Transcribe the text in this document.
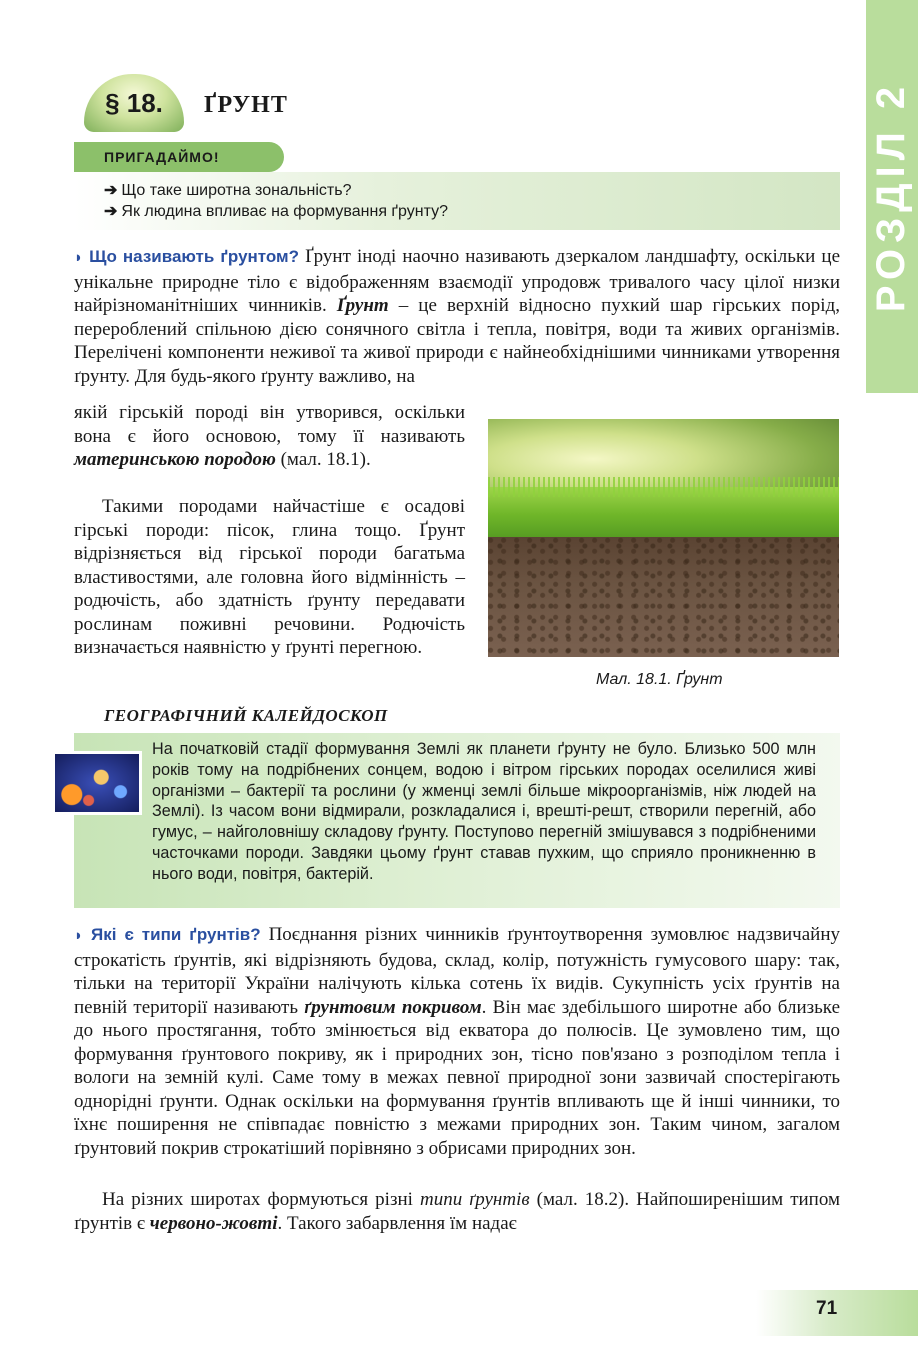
РОЗДІЛ 2
§ 18. ҐРУНТ
ПРИГАДАЙМО!
➔ Що таке широтна зональність?
➔ Як людина впливає на формування ґрунту?

◗ Що називають ґрунтом? Ґрунт іноді наочно називають дзеркалом ландшафту, оскільки це унікальне природне тіло є відображенням взаємодії упродовж тривалого часу цілої низки найрізноманітніших чинників. Ґрунт – це верхній відносно пухкий шар гірських порід, перероблений спільною дією сонячного світла і тепла, повітря, води та живих організмів. Перелічені компоненти неживої та живої природи є найнеобхіднішими чинниками утворення ґрунту. Для будь-якого ґрунту важливо, на

якій гірській породі він утворився, оскільки вона є його основою, тому її називають материнською породою (мал. 18.1).

Такими породами найчастіше є осадові гірські породи: пісок, глина тощо. Ґрунт відрізняється від гірської породи багатьма властивостями, але головна його відмінність – родючість, або здатність ґрунту передавати рослинам поживні речовини. Родючість визначається наявністю у ґрунті перегною.

Мал. 18.1. Ґрунт
ГЕОГРАФІЧНИЙ КАЛЕЙДОСКОП

На початковій стадії формування Землі як планети ґрунту не було. Близько 500 млн років тому на подрібнених сонцем, водою і вітром гірських породах оселилися живі організми – бактерії та рослини (у жменці землі більше мікроорганізмів, ніж людей на Землі). Із часом вони відмирали, розкладалися і, врешті-решт, створили перегній, або гумус, – найголовнішу складову ґрунту. Поступово перегній змішувався з подрібненими часточками породи. Завдяки цьому ґрунт ставав пухким, що сприяло проникненню в нього води, повітря, бактерій.

◗ Які є типи ґрунтів? Поєднання різних чинників ґрунтоутворення зумовлює надзвичайну строкатість ґрунтів, які відрізняють будова, склад, колір, потужність гумусового шару: так, тільки на території України налічують кілька сотень їх видів. Сукупність усіх ґрунтів на певній території називають ґрунтовим покривом. Він має здебільшого широтне або близьке до нього простягання, тобто змінюється від екватора до полюсів. Це зумовлено тим, що формування ґрунтового покриву, як і природних зон, тісно пов'язано з розподілом тепла і вологи на земній кулі. Саме тому в межах певної природної зони зазвичай спостерігають однорідні ґрунти. Однак оскільки на формування ґрунтів впливають ще й інші чинники, то їхнє поширення не співпадає повністю з межами природних зон. Таким чином, загалом ґрунтовий покрив строкатіший порівняно з обрисами природних зон.

На різних широтах формуються різні типи ґрунтів (мал. 18.2). Найпоширенішим типом ґрунтів є червоно-жовті. Такого забарвлення їм надає

71
